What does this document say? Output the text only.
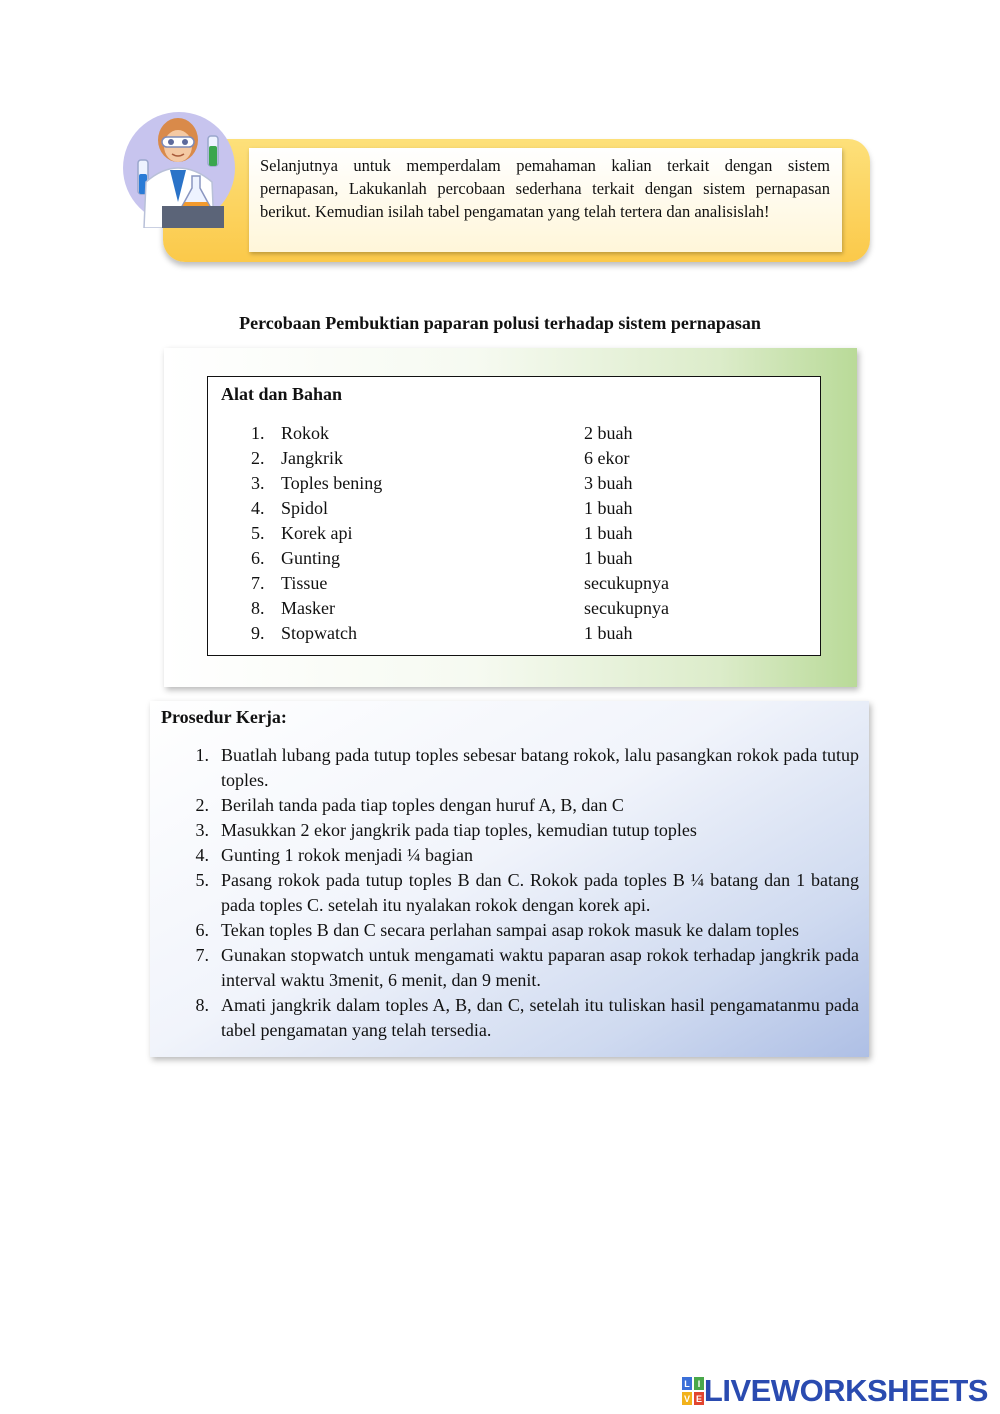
Selanjutnya untuk memperdalam pemahaman kalian terkait dengan sistem pernapasan, Lakukanlah percobaan sederhana terkait dengan sistem pernapasan berikut. Kemudian isilah tabel pengamatan yang telah tertera dan analisislah!

Percobaan Pembuktian paparan polusi terhadap sistem pernapasan
Alat dan Bahan
1. Rokok	2 buah
2. Jangkrik	6 ekor
3. Toples bening	3 buah
4. Spidol	1 buah
5. Korek api	1 buah
6. Gunting	1 buah
7. Tissue	secukupnya
8. Masker	secukupnya
9. Stopwatch	1 buah
Prosedur Kerja:
1. Buatlah lubang pada tutup toples sebesar batang rokok, lalu pasangkan rokok pada tutup toples.
2. Berilah tanda pada tiap toples dengan huruf A, B, dan C
3. Masukkan 2 ekor jangkrik pada tiap toples, kemudian tutup toples
4. Gunting 1 rokok menjadi ¼ bagian
5. Pasang rokok pada tutup toples B dan C. Rokok pada toples B ¼ batang dan 1 batang pada toples C. setelah itu nyalakan rokok dengan korek api.
6. Tekan toples B dan C secara perlahan sampai asap rokok masuk ke dalam toples
7. Gunakan stopwatch untuk mengamati waktu paparan asap rokok terhadap jangkrik pada interval waktu 3menit, 6 menit, dan 9 menit.
8. Amati jangkrik dalam toples A, B, dan C, setelah itu tuliskan hasil pengamatanmu pada tabel pengamatan yang telah tersedia.
L I
V E LIVEWORKSHEETS
